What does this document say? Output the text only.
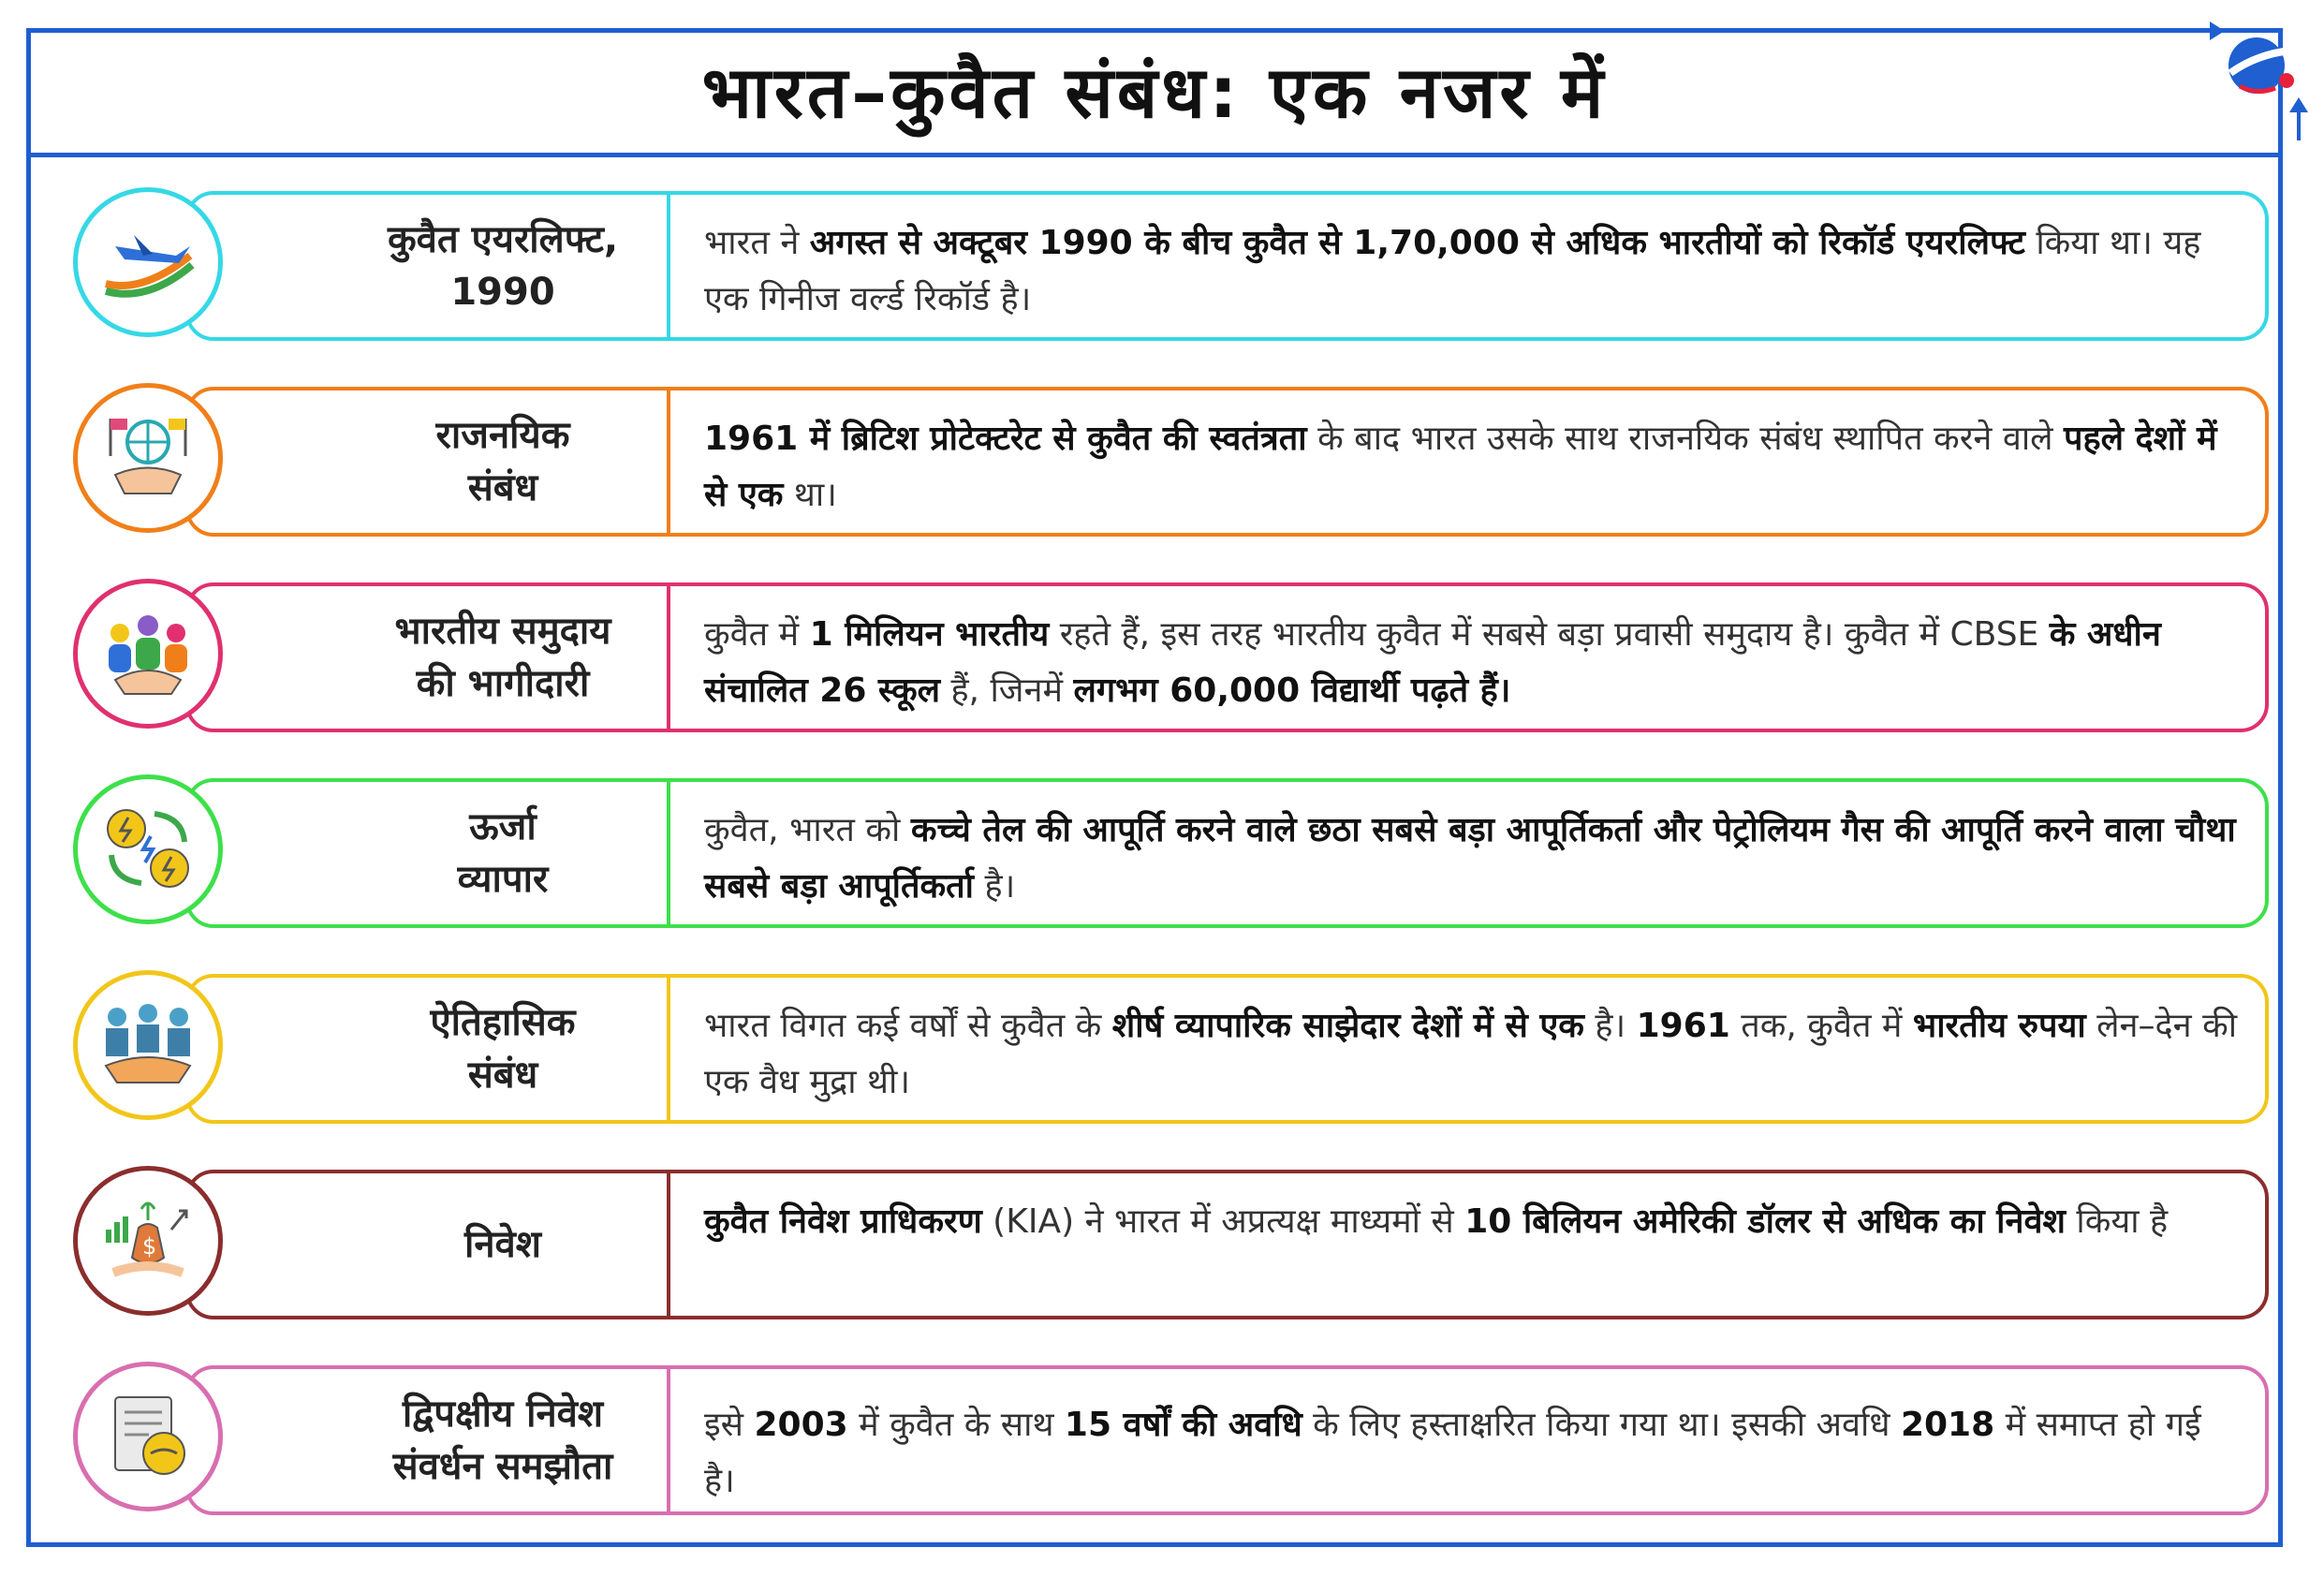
भारत–कुवैत संबंध: एक नजर में
कुवैत एयरलिफ्ट,
1990
भारत ने अगस्त से अक्टूबर 1990 के बीच कुवैत से 1,70,000 से अधिक भारतीयों को रिकॉर्ड एयरलिफ्ट किया था। यह एक गिनीज वर्ल्ड रिकॉर्ड है।
राजनयिक
संबंध
1961 में ब्रिटिश प्रोटेक्टरेट से कुवैत की स्वतंत्रता के बाद भारत उसके साथ राजनयिक संबंध स्थापित करने वाले पहले देशों में से एक था।
भारतीय समुदाय
की भागीदारी
कुवैत में 1 मिलियन भारतीय रहते हैं, इस तरह भारतीय कुवैत में सबसे बड़ा प्रवासी समुदाय है। कुवैत में CBSE के अधीन संचालित 26 स्कूल हैं, जिनमें लगभग 60,000 विद्यार्थी पढ़ते हैं।
ऊर्जा
व्यापार
कुवैत, भारत को कच्चे तेल की आपूर्ति करने वाले छठा सबसे बड़ा आपूर्तिकर्ता और पेट्रोलियम गैस की आपूर्ति करने वाला चौथा सबसे बड़ा आपूर्तिकर्ता है।
ऐतिहासिक
संबंध
भारत विगत कई वर्षों से कुवैत के शीर्ष व्यापारिक साझेदार देशों में से एक है। 1961 तक, कुवैत में भारतीय रुपया लेन–देन की एक वैध मुद्रा थी।
निवेश
कुवैत निवेश प्राधिकरण (KIA) ने भारत में अप्रत्यक्ष माध्यमों से 10 बिलियन अमेरिकी डॉलर से अधिक का निवेश किया है
$
द्विपक्षीय निवेश
संवर्धन समझौता
इसे 2003 में कुवैत के साथ 15 वर्षों की अवधि के लिए हस्ताक्षरित किया गया था। इसकी अवधि 2018 में समाप्त हो गई है।
